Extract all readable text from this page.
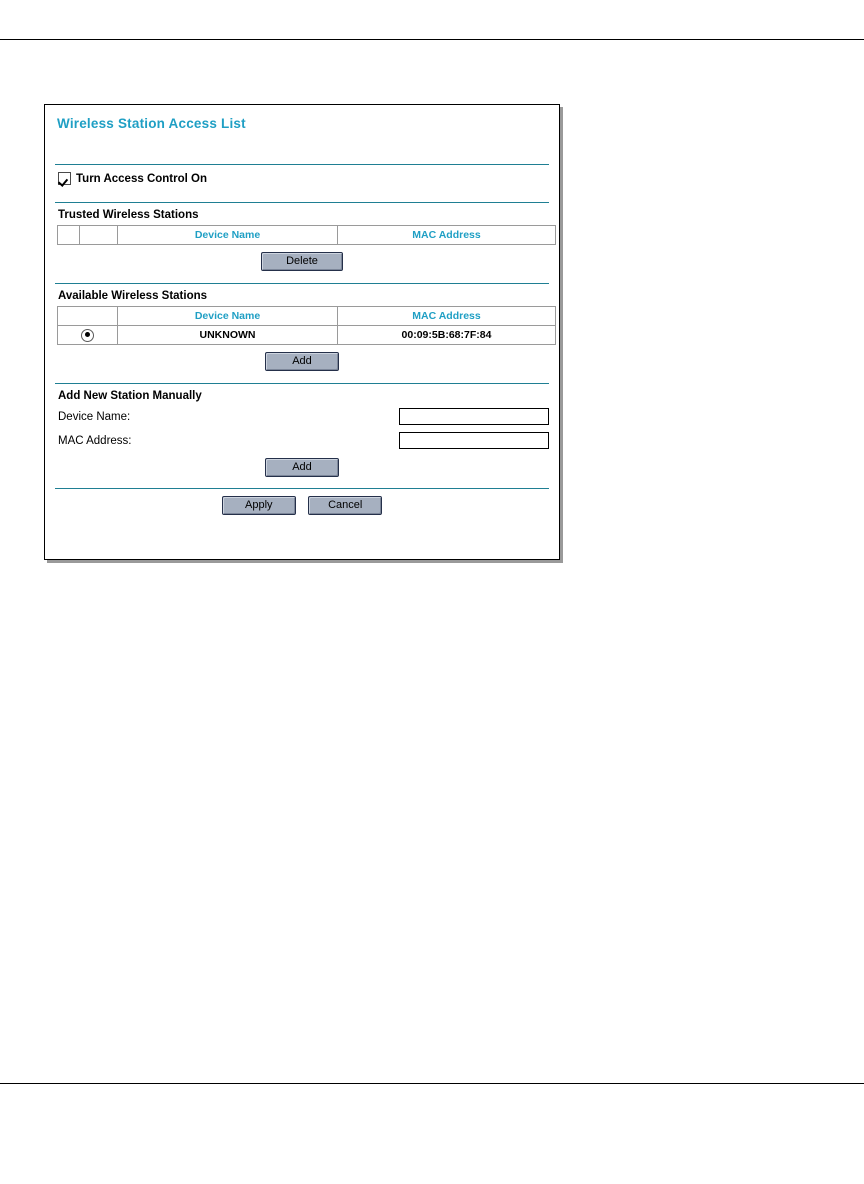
Wireless Station Access List
Turn Access Control On
Trusted Wireless Stations
		Device Name	MAC Address
Delete
Available Wireless Stations
	Device Name	MAC Address
	UNKNOWN	00:09:5B:68:7F:84
Add
Add New Station Manually
Device Name:
MAC Address:
Add
Apply	Cancel
